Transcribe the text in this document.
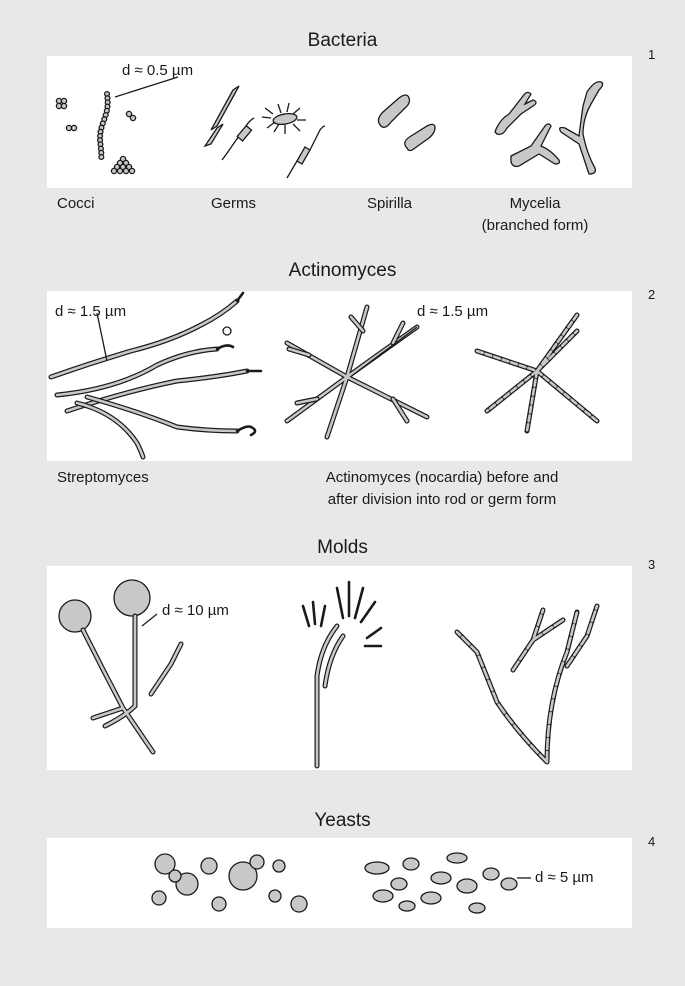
Bacteria
1
d ≈ 0.5 µm
Cocci	Germs	Spirilla	Mycelia
(branched form)
Actinomyces
2
d ≈ 1.5 µm	d ≈ 1.5 µm
Streptomyces	Actinomyces (nocardia) before and
after division into rod or germ form
Molds
3
d ≈ 10 µm
Yeasts
4
d ≈ 5 µm
